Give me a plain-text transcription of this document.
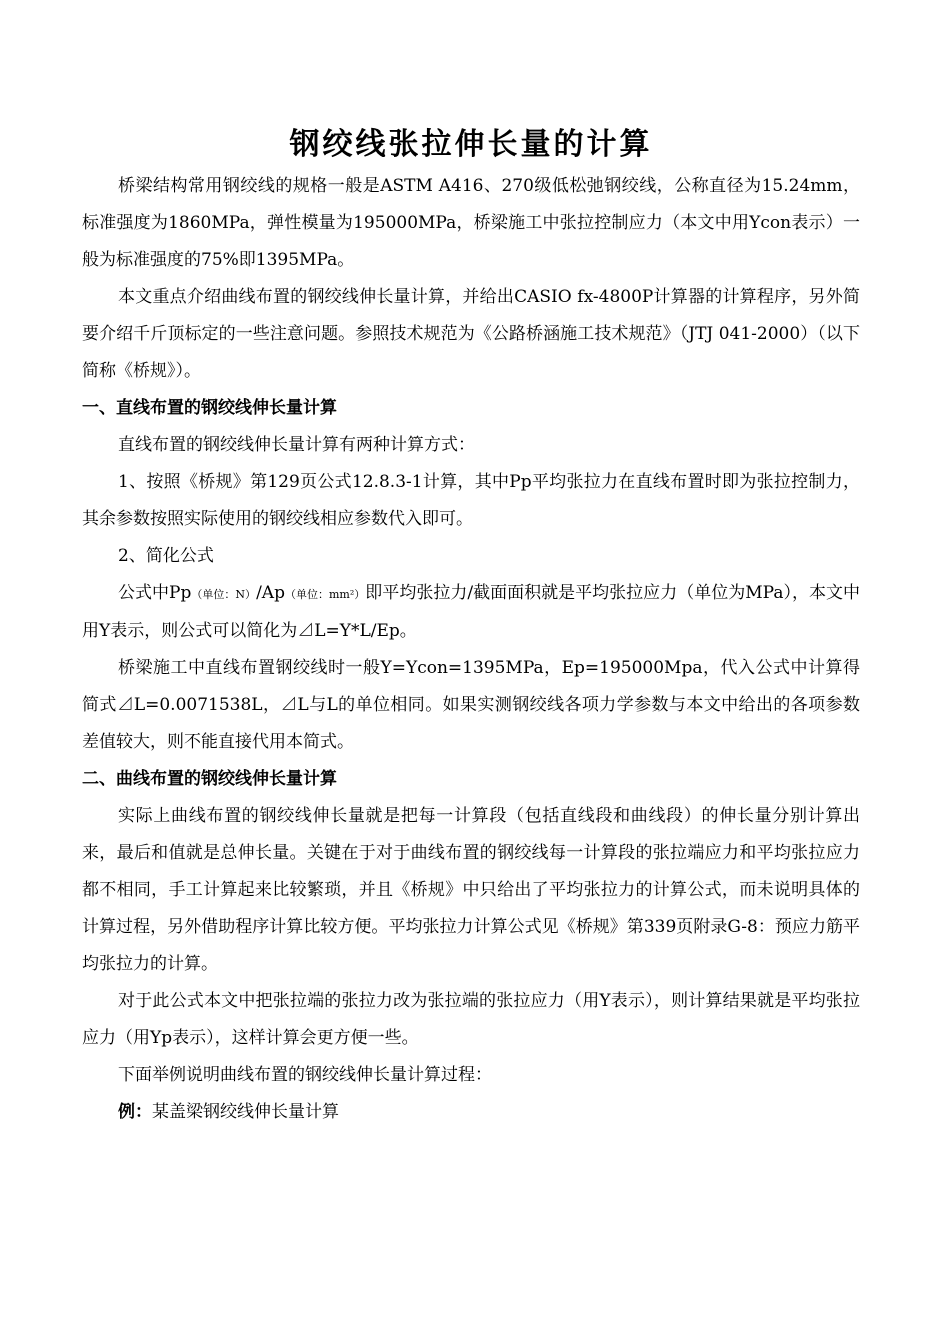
钢绞线张拉伸长量的计算

桥梁结构常用钢绞线的规格一般是ASTM A416、270级低松弛钢绞线，公称直径为15.24mm，标准强度为1860MPa，弹性模量为195000MPa，桥梁施工中张拉控制应力（本文中用Ycon表示）一般为标准强度的75%即1395MPa。

本文重点介绍曲线布置的钢绞线伸长量计算，并给出CASIO fx-4800P计算器的计算程序，另外简要介绍千斤顶标定的一些注意问题。参照技术规范为《公路桥涵施工技术规范》（JTJ 041-2000）（以下简称《桥规》）。

一、直线布置的钢绞线伸长量计算

直线布置的钢绞线伸长量计算有两种计算方式：

1、按照《桥规》第129页公式12.8.3-1计算，其中Pp平均张拉力在直线布置时即为张拉控制力，其余参数按照实际使用的钢绞线相应参数代入即可。

2、简化公式

公式中Pp（单位：N）/Ap（单位：mm²）即平均张拉力/截面面积就是平均张拉应力（单位为MPa），本文中用Y表示，则公式可以简化为⊿L=Y*L/Ep。

桥梁施工中直线布置钢绞线时一般Y=Ycon=1395MPa，Ep=195000Mpa，代入公式中计算得简式⊿L=0.0071538L，⊿L与L的单位相同。如果实测钢绞线各项力学参数与本文中给出的各项参数差值较大，则不能直接代用本简式。

二、曲线布置的钢绞线伸长量计算

实际上曲线布置的钢绞线伸长量就是把每一计算段（包括直线段和曲线段）的伸长量分别计算出来，最后和值就是总伸长量。关键在于对于曲线布置的钢绞线每一计算段的张拉端应力和平均张拉应力都不相同，手工计算起来比较繁琐，并且《桥规》中只给出了平均张拉力的计算公式，而未说明具体的计算过程，另外借助程序计算比较方便。平均张拉力计算公式见《桥规》第339页附录G-8：预应力筋平均张拉力的计算。

对于此公式本文中把张拉端的张拉力改为张拉端的张拉应力（用Y表示），则计算结果就是平均张拉应力（用Yp表示），这样计算会更方便一些。

下面举例说明曲线布置的钢绞线伸长量计算过程：

例：某盖梁钢绞线伸长量计算
